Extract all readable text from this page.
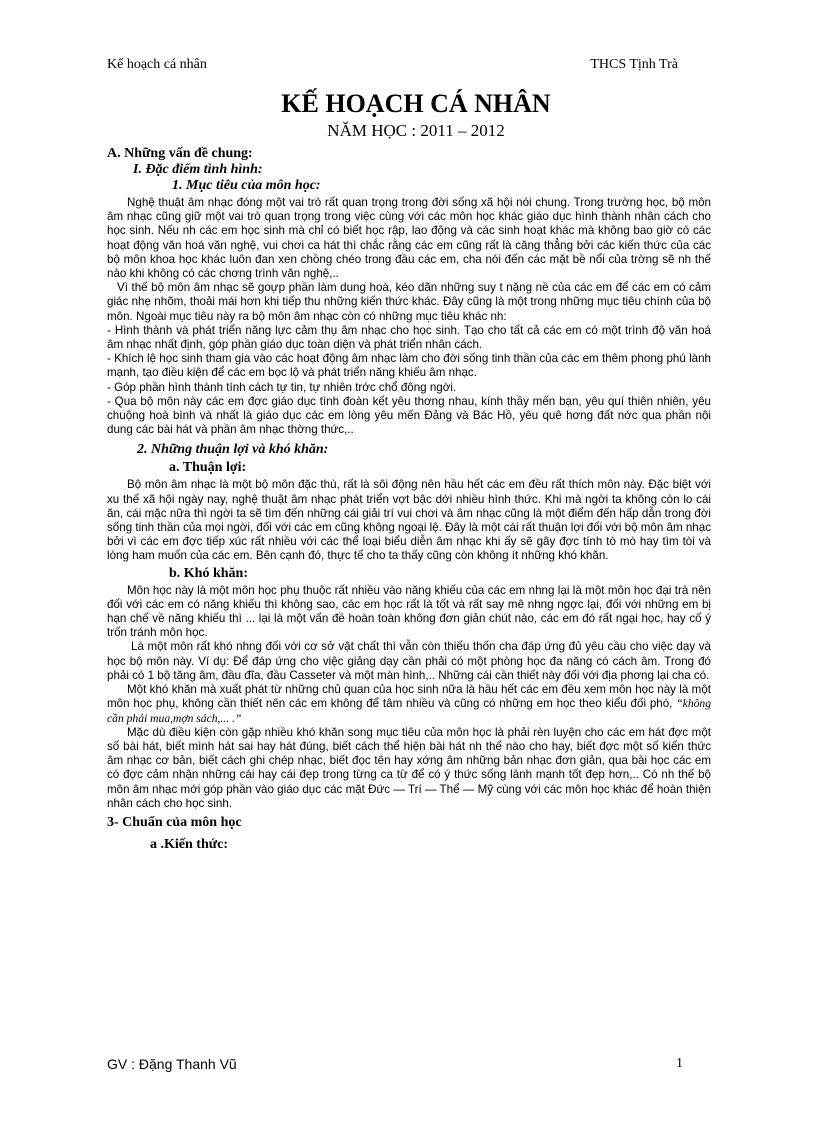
Kế hoạch cá nhân	THCS Tịnh Trà
KẾ HOẠCH CÁ NHÂN

NĂM HỌC : 2011 – 2012

A. Những vấn đề chung:

I. Đặc điểm tình hình:

1. Mục tiêu của môn học:

Nghệ thuật âm nhạc đóng một vai trò rất quan trọng trong đời sống xã hội nói chung. Trong trường học, bộ môn âm nhạc cũng giữ một vai trò quan trọng trong việc cùng với các môn học khác giáo dục hình thành nhân cách cho học sinh. Nếu nh các em học sinh mà chỉ có biết học rập, lao động và các sinh hoạt khác mà không bao giờ có các hoạt động văn hoá văn nghệ, vui chơi ca hát thì chắc rằng các em cũng rất là căng thẳng bởi các kiến thức của các bộ môn khoa học khác luôn đan xen chồng chéo trong đầu các em, cha nói đến các mặt bề nổi của trờng sẽ nh thế nào khi không có các chơng trình văn nghệ,..

Vì thế bộ môn âm nhạc sẽ goựp phần làm dung hoà, kéo dãn những suy t nặng nề của các em để các em có cảm giác nhẹ nhõm, thoải mái hơn khi tiếp thu những kiến thức khác. Đây cũng là một trong những mục tiêu chính của bộ môn. Ngoài mục tiêu này ra bộ môn âm nhạc còn có những mục tiêu khác nh:

- Hình thành và phát triển năng lực cảm thụ âm nhạc cho học sinh. Tạo cho tất cả các em có một trình độ văn hoá âm nhạc nhất định, góp phần giáo dục toàn diện và phát triển nhân cách.

- Khích lệ học sinh tham gia vào các hoạt động âm nhạc làm cho đời sống tinh thần của các em thêm phong phú lành mạnh, tạo điều kiện để các em bọc lộ và phát triển năng khiếu âm nhạc.

- Góp phần hình thành tính cách tự tin, tự nhiên trớc chổ đông ngời.

- Qua bộ môn này các em đợc giáo dục tình đoàn kết yêu thơng nhau, kính thầy mến bạn, yêu quí thiên nhiên, yêu chuộng hoà bình và nhất là giáo dục các em lòng yêu mến Đảng và Bác Hồ, yêu quê hơng đất nớc qua phần nội dung các bài hát và phần âm nhạc thờng thức,..

2. Những thuận lợi và khó khăn:

a. Thuận lợi:

Bộ môn âm nhạc là một bộ môn đặc thù, rất là sôi động nên hầu hết các em đều rất thích môn này. Đặc biệt với xu thế xã hội ngày nay, nghệ thuật âm nhạc phát triển vợt bậc dới nhiều hình thức. Khi mà ngời ta không còn lo cái ăn, cái mặc nữa thì ngời ta sẽ tìm đến những cái giải trí vui chơi và âm nhạc cũng là một điểm đến hấp dẫn trong đời sống tinh thần của mọi ngời, đối với các em cũng không ngoại lệ. Đây là một cái rất thuận lợi đối với bộ môn âm nhạc bởi vì các em đợc tiếp xúc rất nhiều với các thể loại biểu diễn âm nhạc khi ấy sẽ gây đợc tính tò mò hay tìm tòi và lòng ham muốn của các em. Bên cạnh đó, thực tế cho ta thấy cũng còn không ít những khó khăn.

b. Khó khăn:

Môn học này là một môn học phụ thuộc rất nhiều vào năng khiếu của các em nhng lại là một môn học đại trà nên đối với các em có năng khiếu thì không sao, các em học rất là tốt và rất say mê nhng ngợc lại, đối với những em bị hạn chế về năng khiếu thì ... lại là một vấn đề hoàn toàn không đơn giản chút nào, các em đó rất ngại học, hay cố ý trốn tránh môn học.

Là một môn rất khó nhng đối với cơ sở vật chất thì vẫn còn thiếu thốn cha đáp ứng đủ yêu cầu cho việc dạy và học bộ môn này. Ví dụ: Để đáp ứng cho việc giảng dạy cần phải có một phòng học đa năng có cách âm. Trong đó phải có 1 bộ tăng âm, đầu đĩa, đầu Casseter và một màn hình,.. Những cái cần thiết này đối với địa phơng lại cha có.

Một khó khăn mà xuất phát từ những chủ quan của học sinh nữa là hầu hết các em đều xem môn học này là một môn học phụ, không cần thiết nên các em không để tâm nhiều và cũng có những em học theo kiểu đối phó, “không cần phải mua,mợn sách,... .”

Mặc dù điều kiện còn gặp nhiều khó khăn song mục tiêu của môn học là phải rèn luyện cho các em hát đợc một số bài hát, biết mình hát sai hay hát đúng, biết cách thể hiện bài hát nh thế nào cho hay, biết đợc một số kiến thức âm nhạc cơ bản, biết cách ghi chép nhạc, biết đọc tên hay xớng âm những bản nhạc đơn giản, qua bài học các em có đợc cảm nhận những cái hay cái đẹp trong từng ca từ để có ý thức sống lành mạnh tốt đẹp hơn,.. Có nh thế bộ môn âm nhạc mới góp phần vào giáo dục các mặt Đức — Trí — Thể — Mỹ cùng với các môn học khác để hoàn thiện nhân cách cho học sinh.

3- Chuẩn của môn học

a .Kiến thức:

GV : Đặng Thanh Vũ	1
